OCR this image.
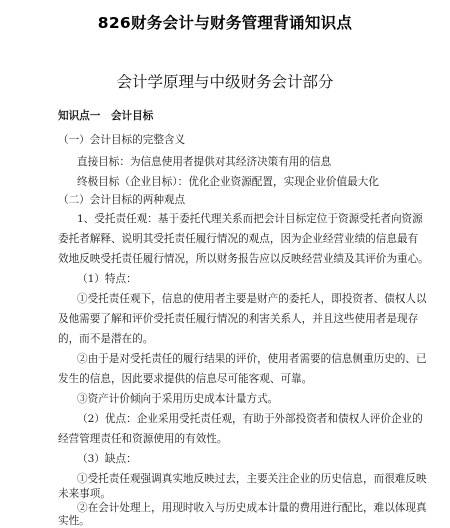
826财务会计与财务管理背诵知识点
会计学原理与中级财务会计部分
知识点一　会计目标
（一）会计目标的完整含义
直接目标：为信息使用者提供对其经济决策有用的信息
终极目标（企业目标）：优化企业资源配置，实现企业价值最大化
（二）会计目标的两种观点
1、受托责任观：基于委托代理关系而把会计目标定位于资源受托者向资源
委托者解释、说明其受托责任履行情况的观点，因为企业经营业绩的信息最有
效地反映受托责任履行情况，所以财务报告应以反映经营业绩及其评价为重心。
（1）特点：
①受托责任观下，信息的使用者主要是财产的委托人，即投资者、债权人以
及他需要了解和评价受托责任履行情况的利害关系人，并且这些使用者是现存
的，而不是潜在的。
②由于是对受托责任的履行结果的评价，使用者需要的信息侧重历史的、已
发生的信息，因此要求提供的信息尽可能客观、可靠。
③资产计价倾向于采用历史成本计量方式。
（2）优点：企业采用受托责任观，有助于外部投资者和债权人评价企业的
经营管理责任和资源使用的有效性。
（3）缺点：
①受托责任观强调真实地反映过去，主要关注企业的历史信息，而很难反映
未来事项。
②在会计处理上，用现时收入与历史成本计量的费用进行配比，难以体现真
实性。
